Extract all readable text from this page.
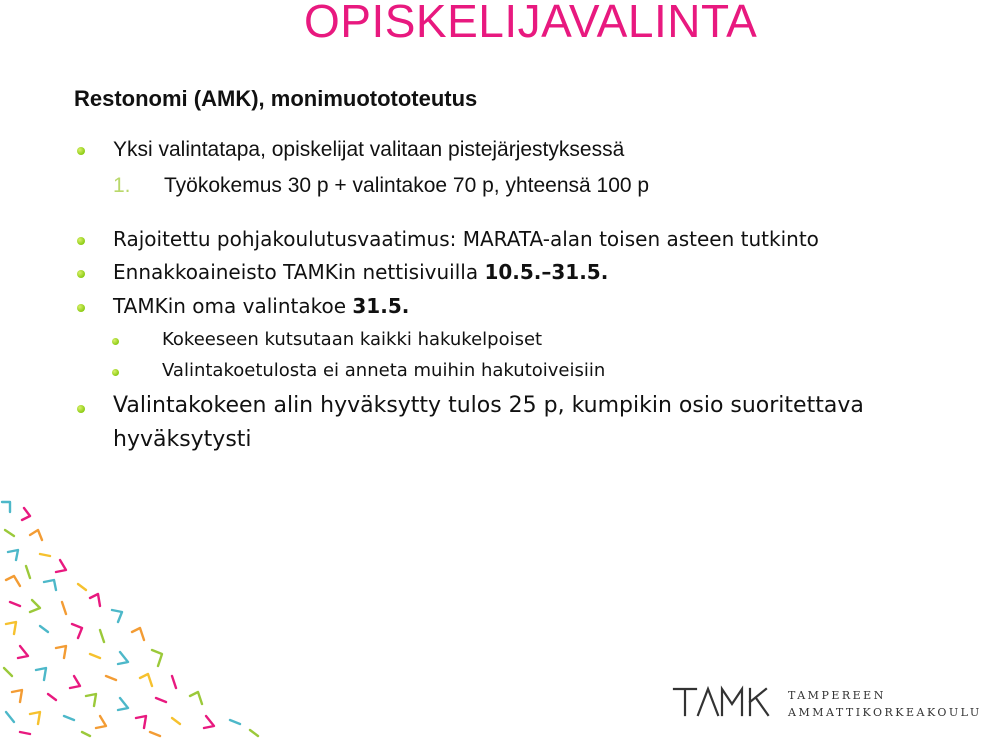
OPISKELIJAVALINTA
Restonomi (AMK), monimuotototeutus
Yksi valintatapa, opiskelijat valitaan pistejärjestyksessä
1. Työkokemus 30 p + valintakoe 70 p, yhteensä 100 p
Rajoitettu pohjakoulutusvaatimus: MARATA-alan toisen asteen tutkinto
Ennakkoaineisto TAMKin nettisivuilla 10.5.–31.5.
TAMKin oma valintakoe 31.5.
Kokeeseen kutsutaan kaikki hakukelpoiset
Valintakoetulosta ei anneta muihin hakutoiveisiin
Valintakokeen alin hyväksytty tulos 25 p, kumpikin osio suoritettava
hyväksytysti
TAMPEREEN
AMMATTIKORKEAKOULU
